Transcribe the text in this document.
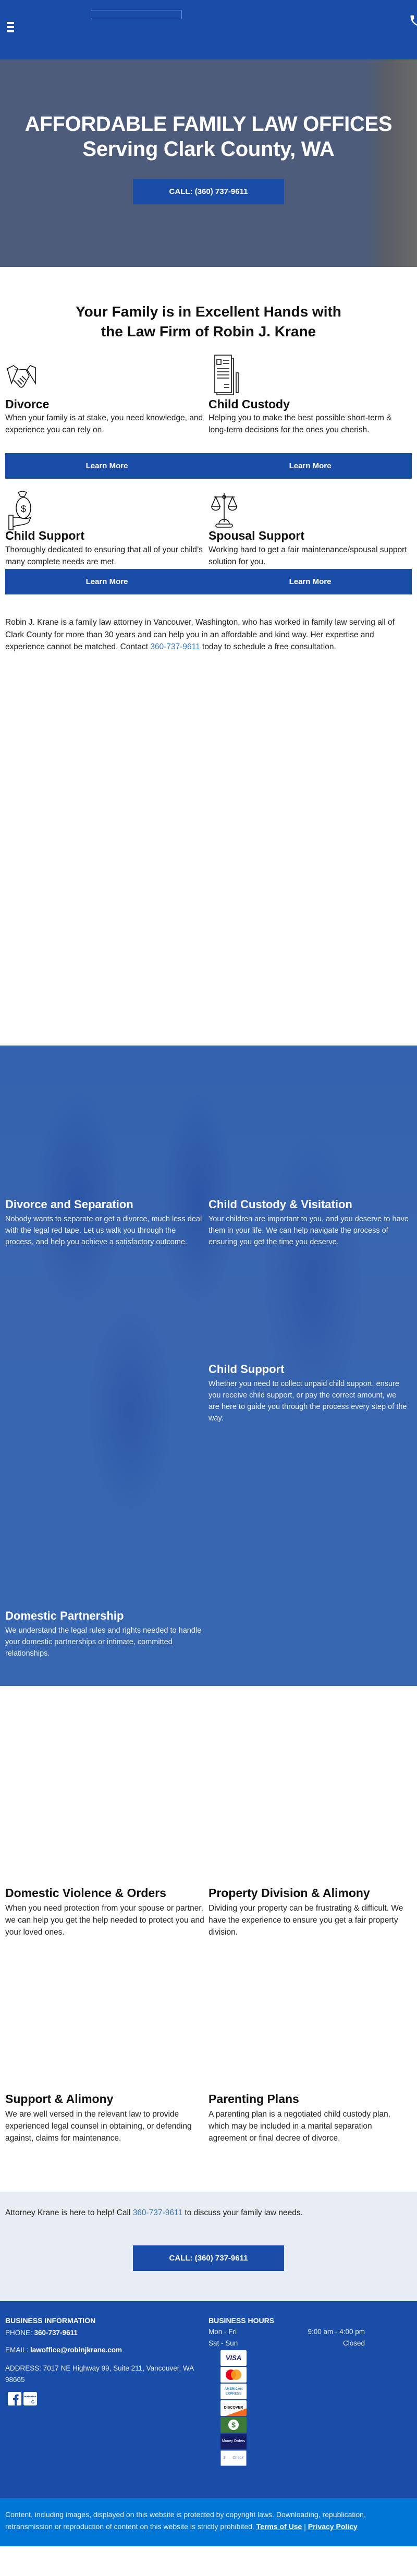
AFFORDABLE FAMILY LAW OFFICES
Serving Clark County, WA
CALL: (360) 737-9611
Your Family is in Excellent Hands with
the Law Firm of Robin J. Krane
Divorce

When your family is at stake, you need knowledge, and experience you can rely on.

Child Custody

Helping you to make the best possible short-term & long-term decisions for the ones you cherish.

Learn More	Learn More
$
Child Support

Thoroughly dedicated to ensuring that all of your child’s many complete needs are met.

Spousal Support

Working hard to get a fair maintenance/spousal support solution for you.

Learn More	Learn More

Robin J. Krane is a family law attorney in Vancouver, Washington, who has worked in family law serving all of Clark County for more than 30 years and can help you in an affordable and kind way. Her expertise and experience cannot be matched. Contact 360-737-9611 today to schedule a free consultation.

Divorce and Separation

Nobody wants to separate or get a divorce, much less deal with the legal red tape. Let us walk you through the process, and help you achieve a satisfactory outcome.

Child Custody & Visitation

Your children are important to you, and you deserve to have them in your life. We can help navigate the process of ensuring you get the time you deserve.

Child Support

Whether you need to collect unpaid child support, ensure you receive child support, or pay the correct amount, we are here to guide you through the process every step of the way.

Domestic Partnership

We understand the legal rules and rights needed to handle your domestic partnerships or intimate, committed relationships.

Domestic Violence & Orders

When you need protection from your spouse or partner, we can help you get the help needed to protect you and your loved ones.

Property Division & Alimony

Dividing your property can be frustrating & difficult. We have the experience to ensure you get a fair property division.

Support & Alimony

We are well versed in the relevant law to provide experienced legal counsel in obtaining, or defending against, claims for maintenance.

Parenting Plans

A parenting plan is a negotiated child custody plan, which may be included in a marital separation agreement or final decree of divorce.

Attorney Krane is here to help! Call 360-737-9611 to discuss your family law needs.

CALL: (360) 737-9611
BUSINESS INFORMATION
PHONE: 360-737-9611
EMAIL: lawoffice@robinjkrane.com
ADDRESS: 7017 NE Highway 99, Suite 211, Vancouver, WA 98665
G
BUSINESS HOURS
Mon - Fri	9:00 am - 4:00 pm
Sat - Sun	Closed
VISA
AMERICAN EXPRESS
DISCOVER
$
Money Orders
$___ Check
Content, including images, displayed on this website is protected by copyright laws. Downloading, republication, retransmission or reproduction of content on this website is strictly prohibited. Terms of Use | Privacy Policy
